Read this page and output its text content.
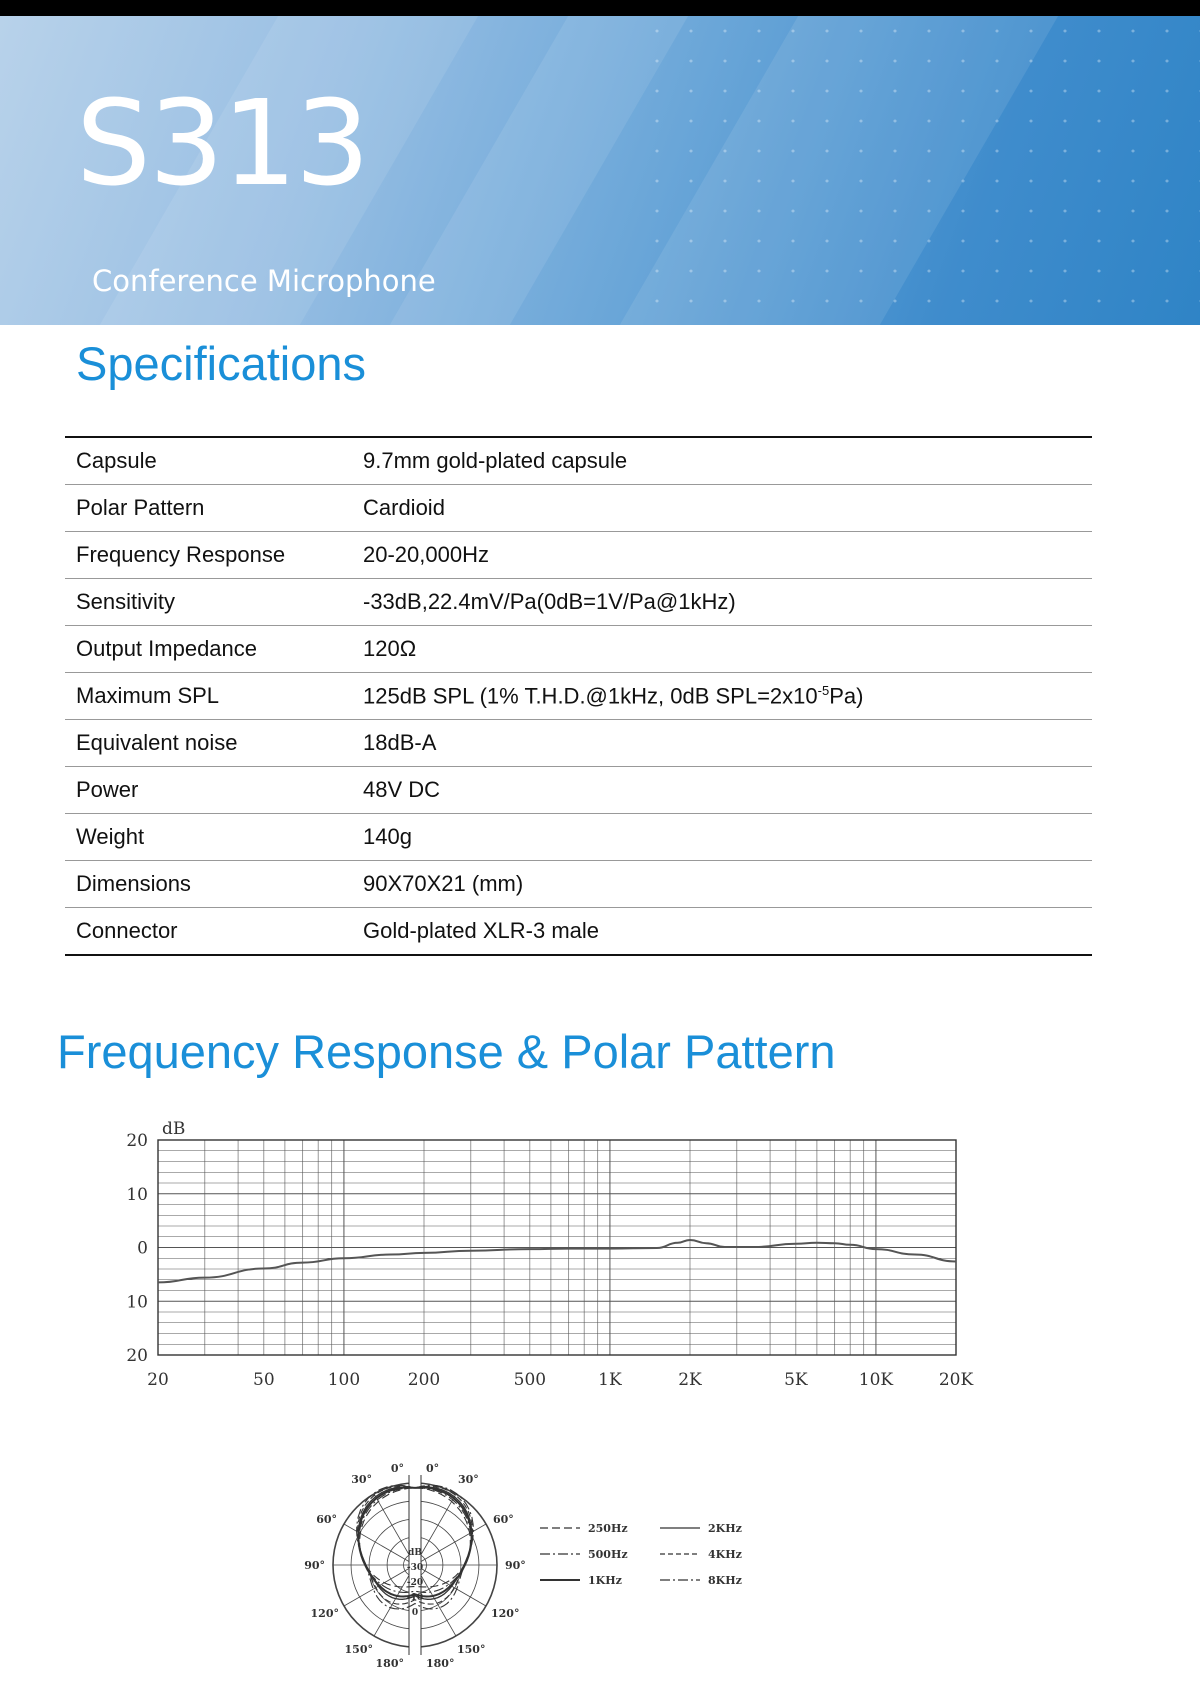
S313
Conference Microphone
Specifications
Capsule	9.7mm gold-plated capsule
Polar Pattern	Cardioid
Frequency Response	20-20,000Hz
Sensitivity	-33dB,22.4mV/Pa(0dB=1V/Pa@1kHz)
Output Impedance	120Ω
Maximum SPL	125dB SPL (1% T.H.D.@1kHz, 0dB $SPL=2x10^{-5}Pa$)
Equivalent noise	18dB-A
Power	48V DC
Weight	140g
Dimensions	90X70X21 (mm)
Connector	Gold-plated XLR-3 male
Frequency Response & Polar Pattern
dB
20
10
0
10
20
20	50	100	200	500	1K	2K	5K	10K	20K
0° 0°
30°	30°
60°	60°
90°	90°
120°	120°
150°	150°
180° 180°
dB
-30
-20
-10
0
250Hz
500Hz
1KHz
2KHz
4KHz
8KHz
